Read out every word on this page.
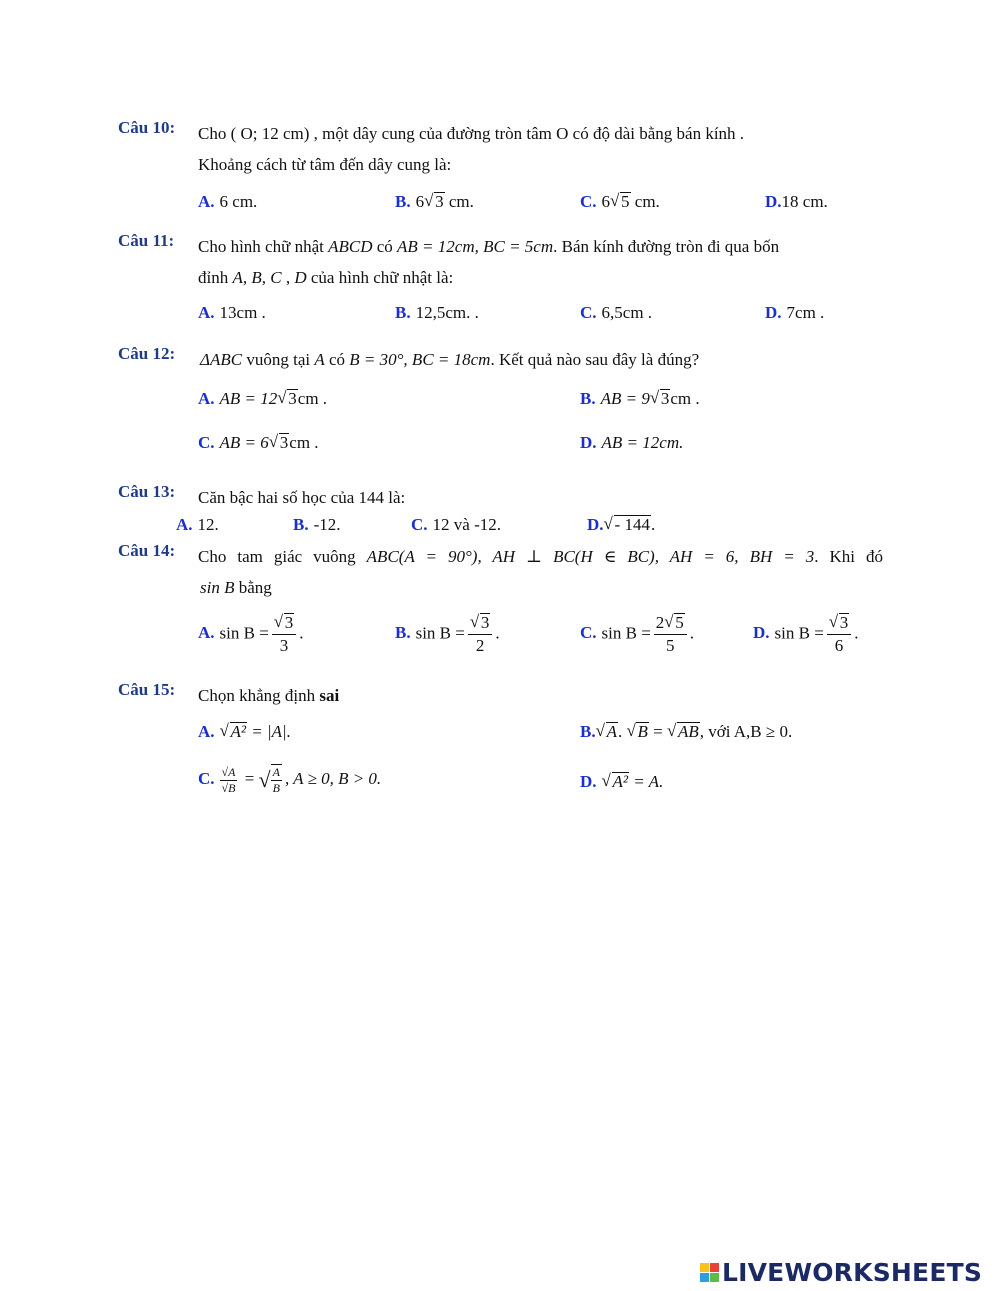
Câu 10:	Cho ( O; 12 cm) , một dây cung của đường tròn tâm O có độ dài bằng bán kính .
Khoảng cách từ tâm đến dây cung là:
A. 6 cm.	B. 6 √ 3 cm.	C. 6 √ 5 cm.	D.18 cm.
Câu 11:	Cho hình chữ nhật ABCD có AB = 12cm, BC = 5cm. Bán kính đường tròn đi qua bốn
đỉnh A, B, C , D của hình chữ nhật là:
A. 13cm .	B. 12,5cm. .	C. 6,5cm .	D. 7cm .
Câu 12:	ΔABC vuông tại A có B = 30°, BC = 18cm. Kết quả nào sau đây là đúng?
A. AB = 12 √ 3cm .	B. AB = 9 √ 3cm .
C. AB = 6 √ 3cm .	D. AB = 12cm.
Câu 13:	Căn bậc hai số học của 144 là:
A. 12.	B. -12.	C. 12 và -12.	D. √ - 144.
Câu 14:	Cho tam giác vuông ABC(A = 90°), AH ⊥ BC(H ∈ BC), AH = 6, BH = 3. Khi đó
sin B bằng
A. sin B = √ $\frac{3}{3}$ .	B. sin B = √ $\frac{3}{2}$ .	C. $\sin B = \frac{2 √ 5}{5}$ .	D. sin B = √ $\frac{3}{6}$ .
Câu 15:	Chọn khẳng định sai
A. √ A² = |A|.	B. √ A. √ B = √ AB, với A,B ≥ 0.
C. $\frac{√A}{√B}$ = √ $\frac{A}{B}$ , A ≥ 0, B > 0.	D. √ A² = A.
LIVEWORKSHEETS
